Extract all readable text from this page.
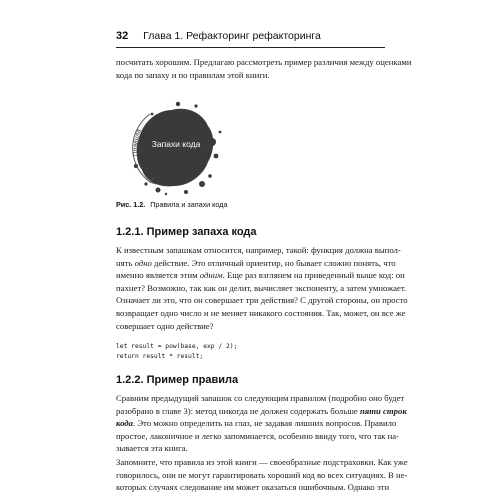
32 Глава 1. Рефакторинг рефакторинга
посчитать хорошим. Предлагаю рассмотреть пример различия между оценками
кода по запаху и по правилам этой книги.
Правила
Запахи кода
Рис. 1.2. Правила и запахи кода
1.2.1. Пример запаха кода
К известным запашкам относится, например, такой: функция должна выпол-
нять одно действие. Это отличный ориентир, но бывает сложно понять, что
именно является этим одним. Еще раз взглянем на приведенный выше код: он
пахнет? Возможно, так как он делит, вычисляет экспоненту, а затем умножает.
Означает ли это, что он совершает три действия? С другой стороны, он просто
возвращает одно число и не меняет никакого состояния. Так, может, он все же
совершает одно действие?
let result = pow(base, exp / 2);
return result * result;
1.2.2. Пример правила
Сравним предыдущий запашок со следующим правилом (подробно оно будет
разобрано в главе 3): метод никогда не должен содержать больше пяти строк
кода. Это можно определить на глаз, не задавая лишних вопросов. Правило
простое, лаконичное и легко запоминается, особенно ввиду того, что так на-
зывается эта книга.
Запомните, что правила из этой книги — своеобразные подстраховки. Как уже
говорилось, они не могут гарантировать хороший код во всех ситуациях. В не-
которых случаях следование им может оказаться ошибочным. Однако эти
